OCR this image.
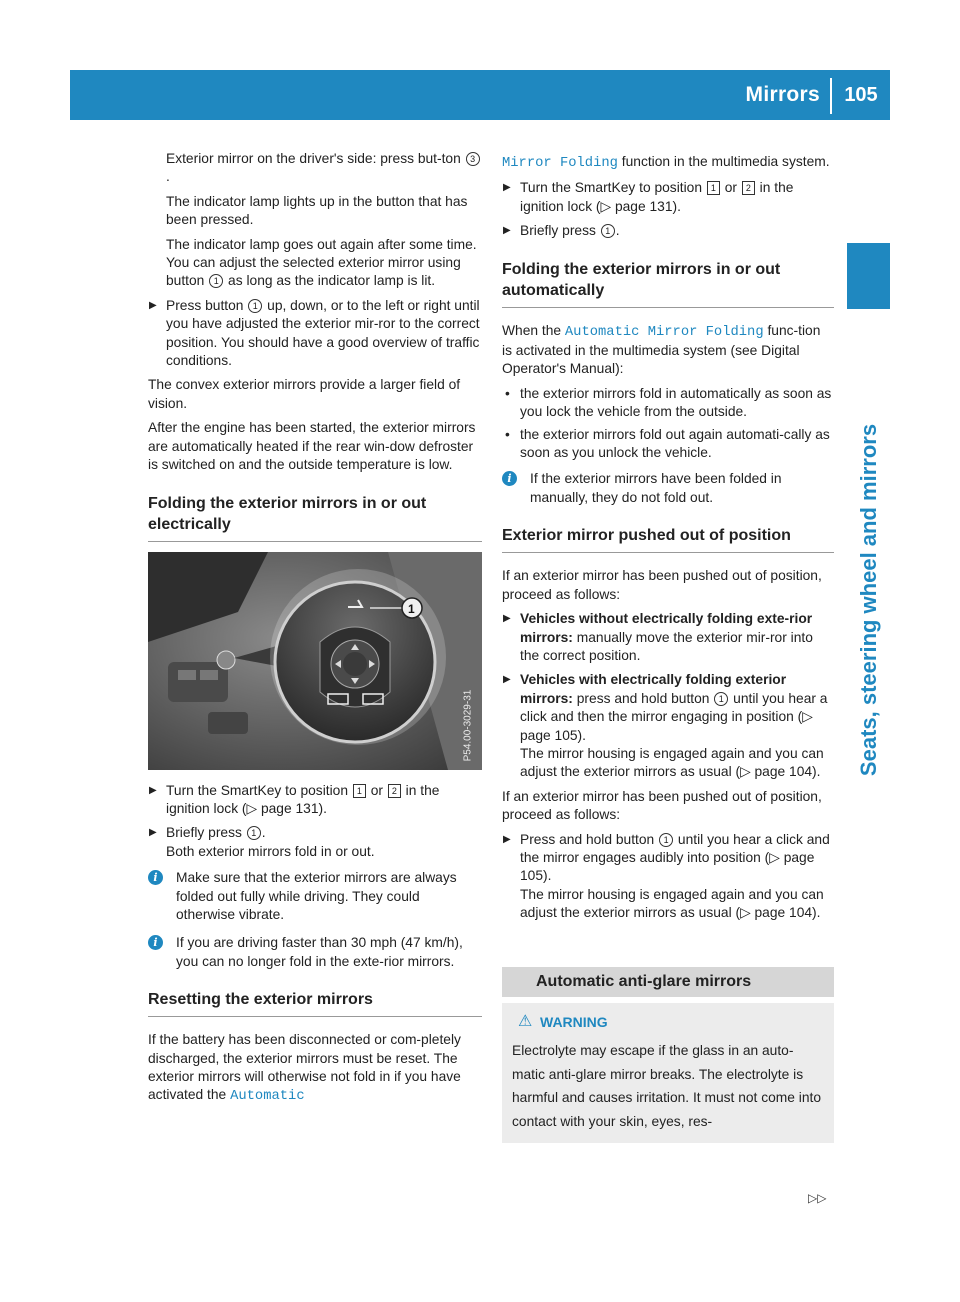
Mirrors	105
Seats, steering wheel and mirrors

Exterior mirror on the driver's side: press but-ton 3.

The indicator lamp lights up in the button that has been pressed.

The indicator lamp goes out again after some time. You can adjust the selected exterior mirror using button 1 as long as the indicator lamp is lit.

▶ Press button 1 up, down, or to the left or right until you have adjusted the exterior mir-ror to the correct position. You should have a good overview of traffic conditions.

The convex exterior mirrors provide a larger field of vision.

After the engine has been started, the exterior mirrors are automatically heated if the rear win-dow defroster is switched on and the outside temperature is low.

Folding the exterior mirrors in or out electrically
1
P54.00-3029-31
▶ Turn the SmartKey to position 1 or 2 in the ignition lock (▷ page 131).
▶ Briefly press 1 .
Both exterior mirrors fold in or out.
i	Make sure that the exterior mirrors are always folded out fully while driving. They could otherwise vibrate.
i	If you are driving faster than 30 mph (47 km/h), you can no longer fold in the exte-rior mirrors.
Resetting the exterior mirrors

If the battery has been disconnected or com-pletely discharged, the exterior mirrors must be reset. The exterior mirrors will otherwise not fold in if you have activated the Automatic

Mirror Folding function in the multimedia system.

▶ Turn the SmartKey to position 1 or 2 in the ignition lock (▷ page 131).
▶ Briefly press 1 .
Folding the exterior mirrors in or out automatically

When the Automatic Mirror Folding func-tion is activated in the multimedia system (see Digital Operator's Manual):

• the exterior mirrors fold in automatically as soon as you lock the vehicle from the outside.
• the exterior mirrors fold out again automati-cally as soon as you unlock the vehicle.
i	If the exterior mirrors have been folded in manually, they do not fold out.
Exterior mirror pushed out of position

If an exterior mirror has been pushed out of position, proceed as follows:

▶ Vehicles without electrically folding exte-rior mirrors: manually move the exterior mir-ror into the correct position.
▶ Vehicles with electrically folding exterior mirrors: press and hold button 1 until you hear a click and then the mirror engaging in position (▷ page 105).
The mirror housing is engaged again and you can adjust the exterior mirrors as usual (▷ page 104).

If an exterior mirror has been pushed out of position, proceed as follows:

▶ Press and hold button 1 until you hear a click and the mirror engages audibly into position (▷ page 105).
The mirror housing is engaged again and you can adjust the exterior mirrors as usual (▷ page 104).
Automatic anti-glare mirrors
⚠ WARNING

Electrolyte may escape if the glass in an auto-matic anti-glare mirror breaks. The electrolyte is harmful and causes irritation. It must not come into contact with your skin, eyes, res-

▷▷
